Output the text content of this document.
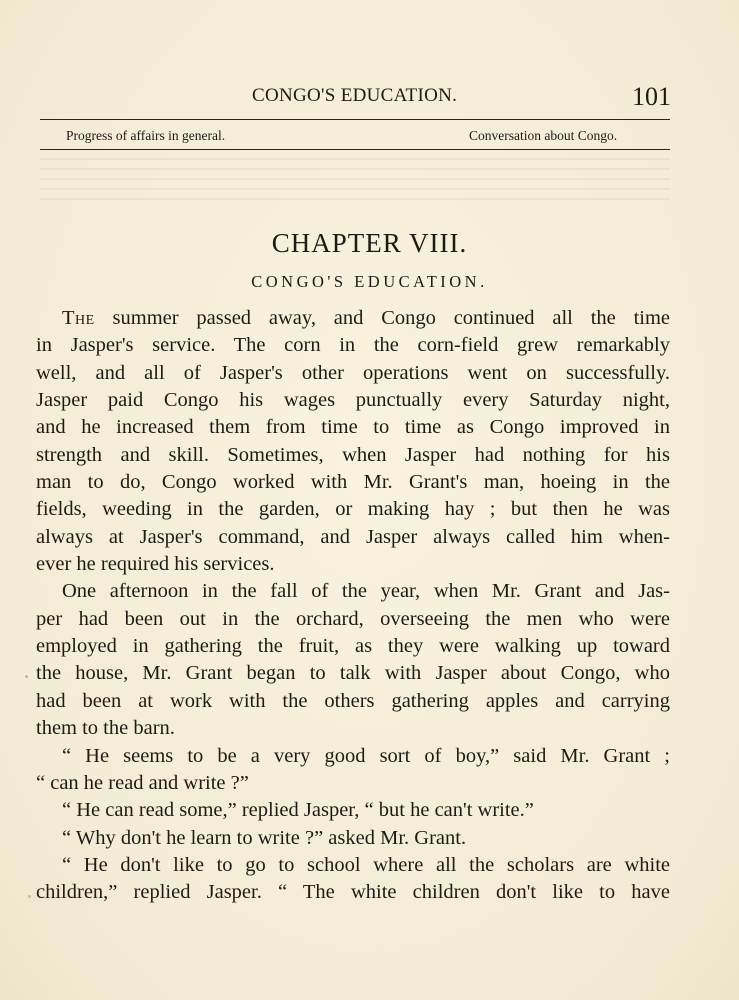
CONGO'S EDUCATION.	101
Progress of affairs in general.	Conversation about Congo.
CHAPTER VIII.
CONGO'S EDUCATION.
The summer passed away, and Congo continued all the time
in Jasper's service. The corn in the corn-field grew remarkably
well, and all of Jasper's other operations went on successfully.
Jasper paid Congo his wages punctually every Saturday night,
and he increased them from time to time as Congo improved in
strength and skill. Sometimes, when Jasper had nothing for his
man to do, Congo worked with Mr. Grant's man, hoeing in the
fields, weeding in the garden, or making hay ; but then he was
always at Jasper's command, and Jasper always called him when-
ever he required his services.
One afternoon in the fall of the year, when Mr. Grant and Jas-
per had been out in the orchard, overseeing the men who were
employed in gathering the fruit, as they were walking up toward
the house, Mr. Grant began to talk with Jasper about Congo, who
had been at work with the others gathering apples and carrying
them to the barn.
“ He seems to be a very good sort of boy,” said Mr. Grant ;
“ can he read and write ?”
“ He can read some,” replied Jasper, “ but he can't write.”
“ Why don't he learn to write ?” asked Mr. Grant.
“ He don't like to go to school where all the scholars are white
children,” replied Jasper. “ The white children don't like to have
